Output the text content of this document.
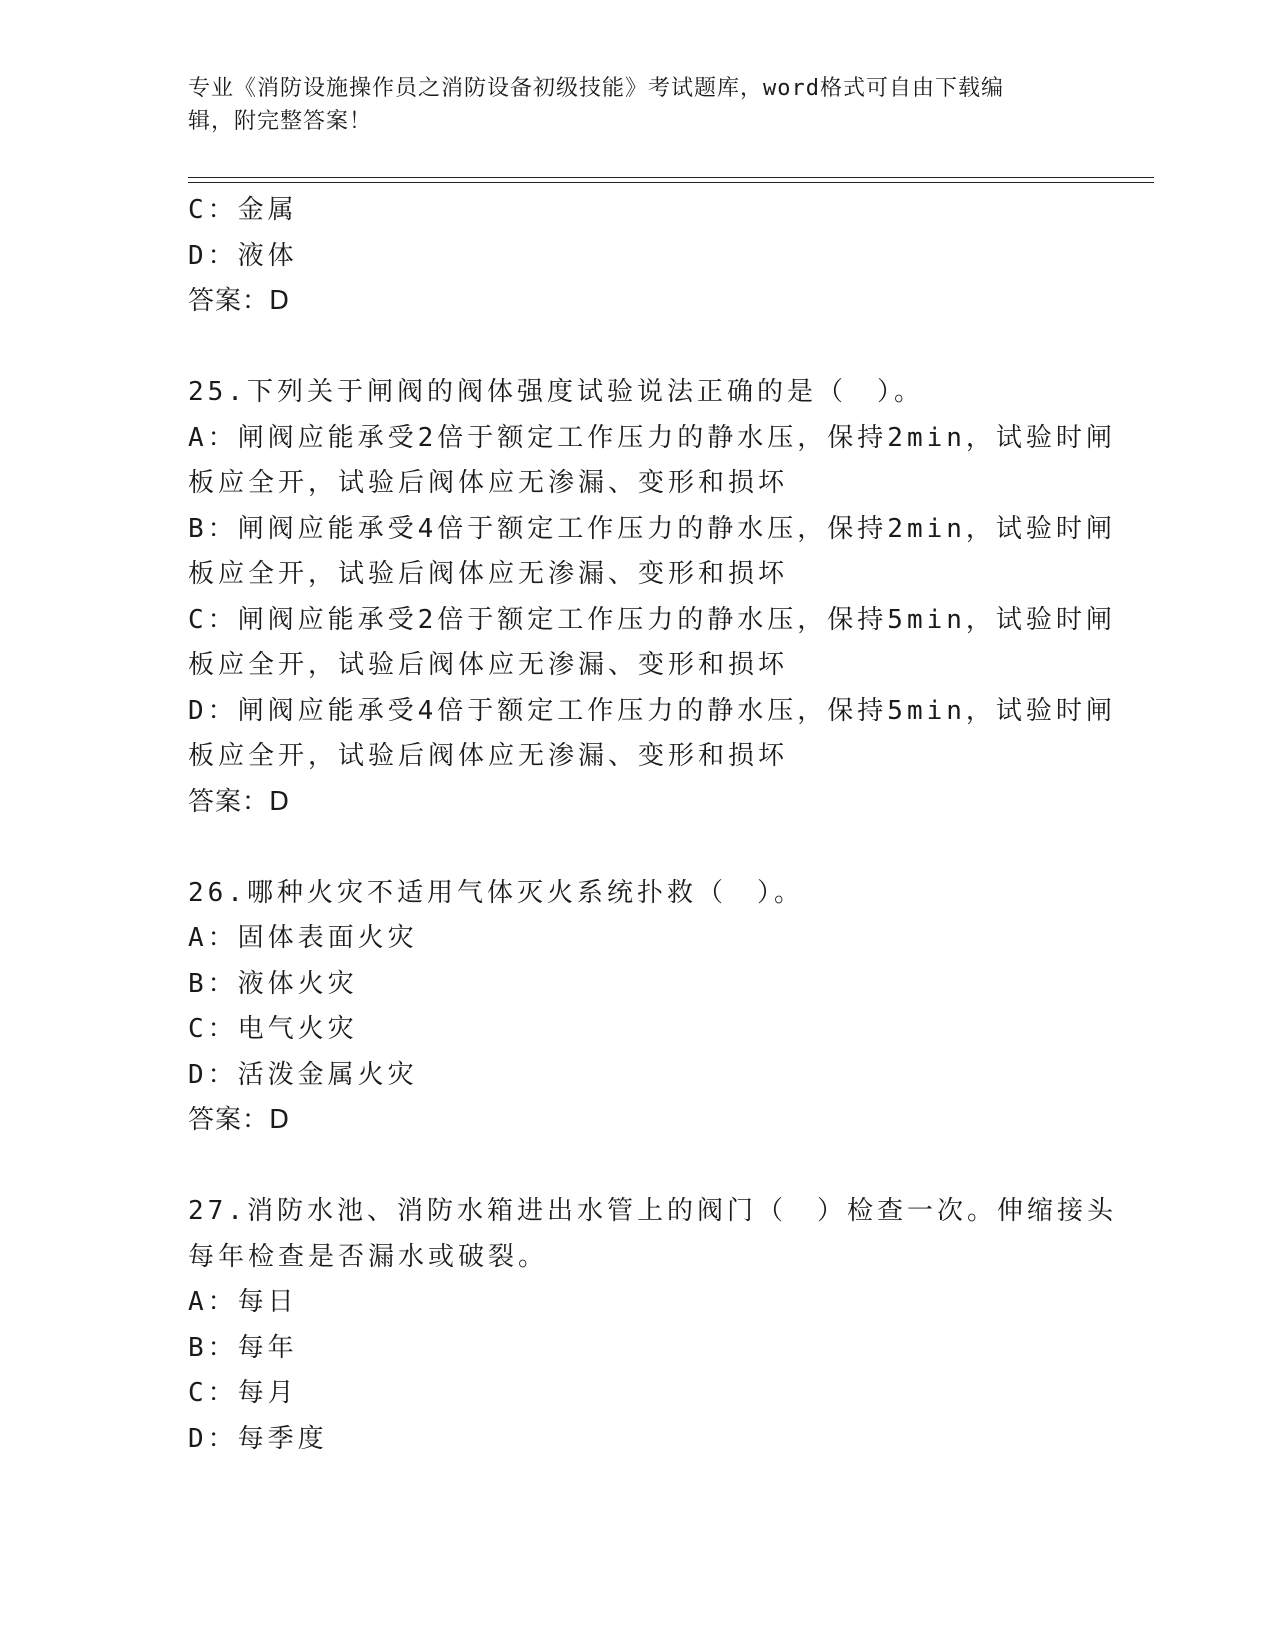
专业《消防设施操作员之消防设备初级技能》考试题库，word格式可自由下载编
辑，附完整答案！
C：金属
D：液体
答案：D
25.下列关于闸阀的阀体强度试验说法正确的是（　）。
A：闸阀应能承受2倍于额定工作压力的静水压，保持2min，试验时闸
板应全开，试验后阀体应无渗漏、变形和损坏
B：闸阀应能承受4倍于额定工作压力的静水压，保持2min，试验时闸
板应全开，试验后阀体应无渗漏、变形和损坏
C：闸阀应能承受2倍于额定工作压力的静水压，保持5min，试验时闸
板应全开，试验后阀体应无渗漏、变形和损坏
D：闸阀应能承受4倍于额定工作压力的静水压，保持5min，试验时闸
板应全开，试验后阀体应无渗漏、变形和损坏
答案：D
26.哪种火灾不适用气体灭火系统扑救（　）。
A：固体表面火灾
B：液体火灾
C：电气火灾
D：活泼金属火灾
答案：D
27.消防水池、消防水箱进出水管上的阀门（　）检查一次。伸缩接头
每年检查是否漏水或破裂。
A：每日
B：每年
C：每月
D：每季度
